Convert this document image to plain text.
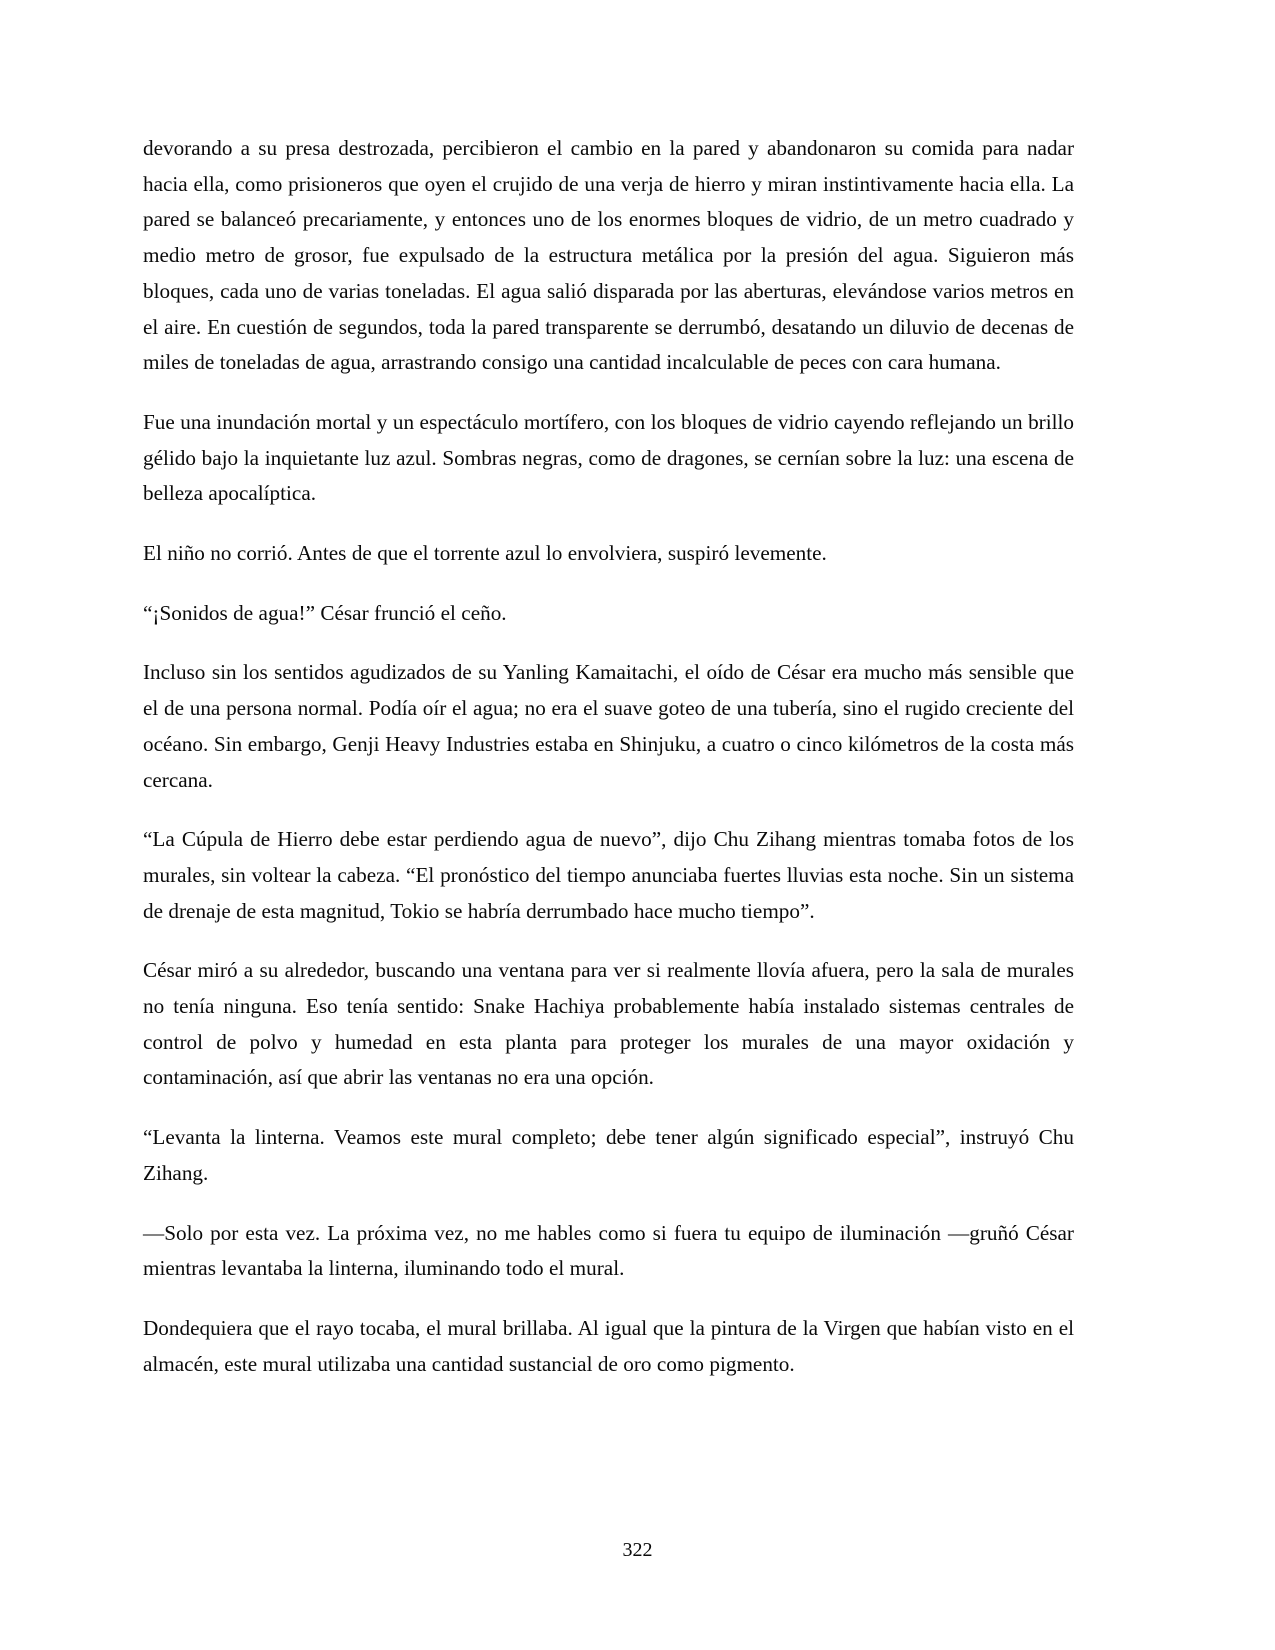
devorando a su presa destrozada, percibieron el cambio en la pared y abandonaron su comida para nadar hacia ella, como prisioneros que oyen el crujido de una verja de hierro y miran instintivamente hacia ella. La pared se balanceó precariamente, y entonces uno de los enormes bloques de vidrio, de un metro cuadrado y medio metro de grosor, fue expulsado de la estructura metálica por la presión del agua. Siguieron más bloques, cada uno de varias toneladas. El agua salió disparada por las aberturas, elevándose varios metros en el aire. En cuestión de segundos, toda la pared transparente se derrumbó, desatando un diluvio de decenas de miles de toneladas de agua, arrastrando consigo una cantidad incalculable de peces con cara humana.

Fue una inundación mortal y un espectáculo mortífero, con los bloques de vidrio cayendo reflejando un brillo gélido bajo la inquietante luz azul. Sombras negras, como de dragones, se cernían sobre la luz: una escena de belleza apocalíptica.

El niño no corrió. Antes de que el torrente azul lo envolviera, suspiró levemente.

“¡Sonidos de agua!” César frunció el ceño.

Incluso sin los sentidos agudizados de su Yanling Kamaitachi, el oído de César era mucho más sensible que el de una persona normal. Podía oír el agua; no era el suave goteo de una tubería, sino el rugido creciente del océano. Sin embargo, Genji Heavy Industries estaba en Shinjuku, a cuatro o cinco kilómetros de la costa más cercana.

“La Cúpula de Hierro debe estar perdiendo agua de nuevo”, dijo Chu Zihang mientras tomaba fotos de los murales, sin voltear la cabeza. “El pronóstico del tiempo anunciaba fuertes lluvias esta noche. Sin un sistema de drenaje de esta magnitud, Tokio se habría derrumbado hace mucho tiempo”.

César miró a su alrededor, buscando una ventana para ver si realmente llovía afuera, pero la sala de murales no tenía ninguna. Eso tenía sentido: Snake Hachiya probablemente había instalado sistemas centrales de control de polvo y humedad en esta planta para proteger los murales de una mayor oxidación y contaminación, así que abrir las ventanas no era una opción.

“Levanta la linterna. Veamos este mural completo; debe tener algún significado especial”, instruyó Chu Zihang.

—Solo por esta vez. La próxima vez, no me hables como si fuera tu equipo de iluminación —gruñó César mientras levantaba la linterna, iluminando todo el mural.

Dondequiera que el rayo tocaba, el mural brillaba. Al igual que la pintura de la Virgen que habían visto en el almacén, este mural utilizaba una cantidad sustancial de oro como pigmento.

322
